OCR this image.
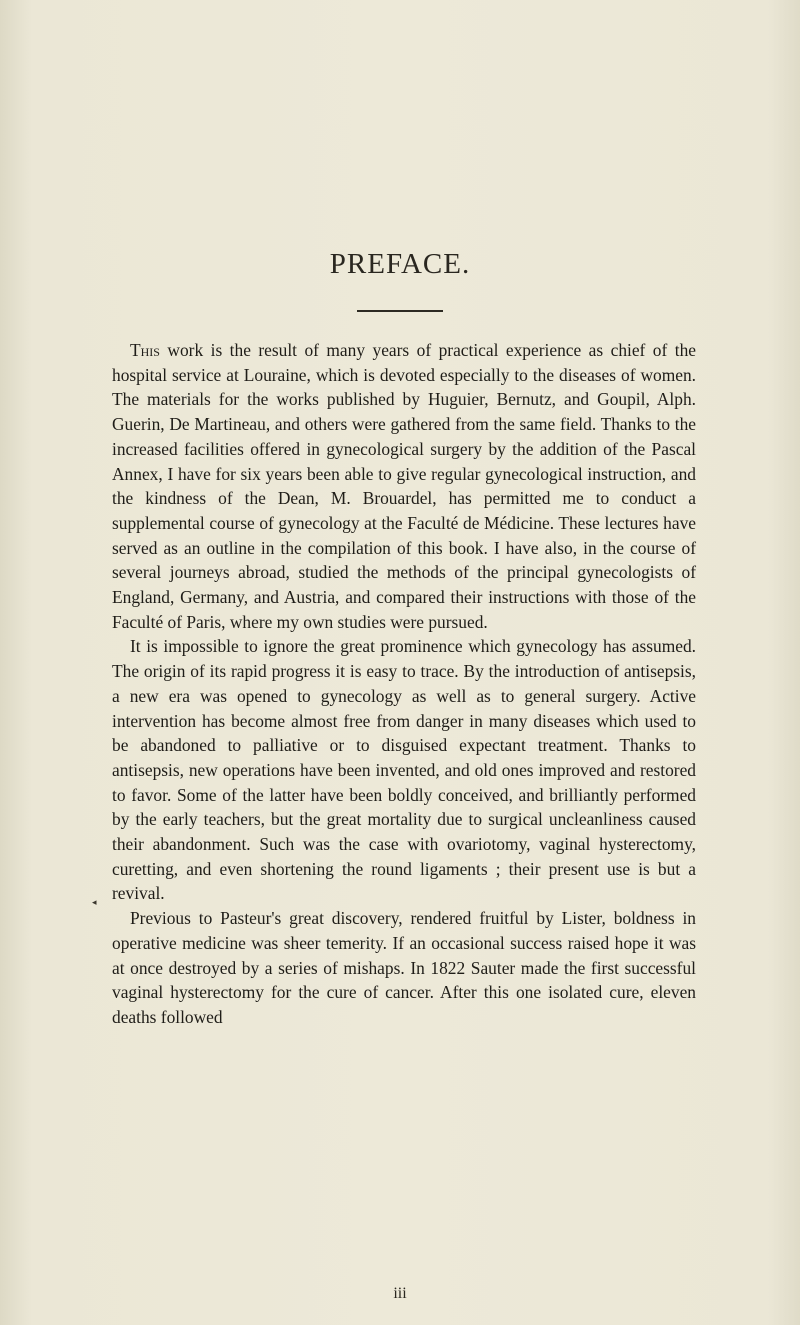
PREFACE.

This work is the result of many years of practical experience as chief of the hospital service at Louraine, which is devoted especially to the diseases of women. The materials for the works published by Huguier, Bernutz, and Goupil, Alph. Guerin, De Martineau, and others were gathered from the same field. Thanks to the increased facilities offered in gynecological surgery by the addition of the Pascal Annex, I have for six years been able to give regular gynecological instruction, and the kindness of the Dean, M. Brouardel, has permitted me to conduct a supplemental course of gynecology at the Faculté de Médicine. These lectures have served as an outline in the compilation of this book. I have also, in the course of several journeys abroad, studied the methods of the principal gynecologists of England, Germany, and Austria, and compared their instructions with those of the Faculté of Paris, where my own studies were pursued.

It is impossible to ignore the great prominence which gynecology has assumed. The origin of its rapid progress it is easy to trace. By the introduction of antisepsis, a new era was opened to gynecology as well as to general surgery. Active intervention has become almost free from danger in many diseases which used to be abandoned to palliative or to disguised expectant treatment. Thanks to antisepsis, new operations have been invented, and old ones improved and restored to favor. Some of the latter have been boldly conceived, and brilliantly performed by the early teachers, but the great mortality due to surgical uncleanliness caused their abandonment. Such was the case with ovariotomy, vaginal hysterectomy, curetting, and even shortening the round ligaments ; their present use is but a revival.

Previous to Pasteur's great discovery, rendered fruitful by Lister, boldness in operative medicine was sheer temerity. If an occasional success raised hope it was at once destroyed by a series of mishaps. In 1822 Sauter made the first successful vaginal hysterectomy for the cure of cancer. After this one isolated cure, eleven deaths followed

◂
iii
